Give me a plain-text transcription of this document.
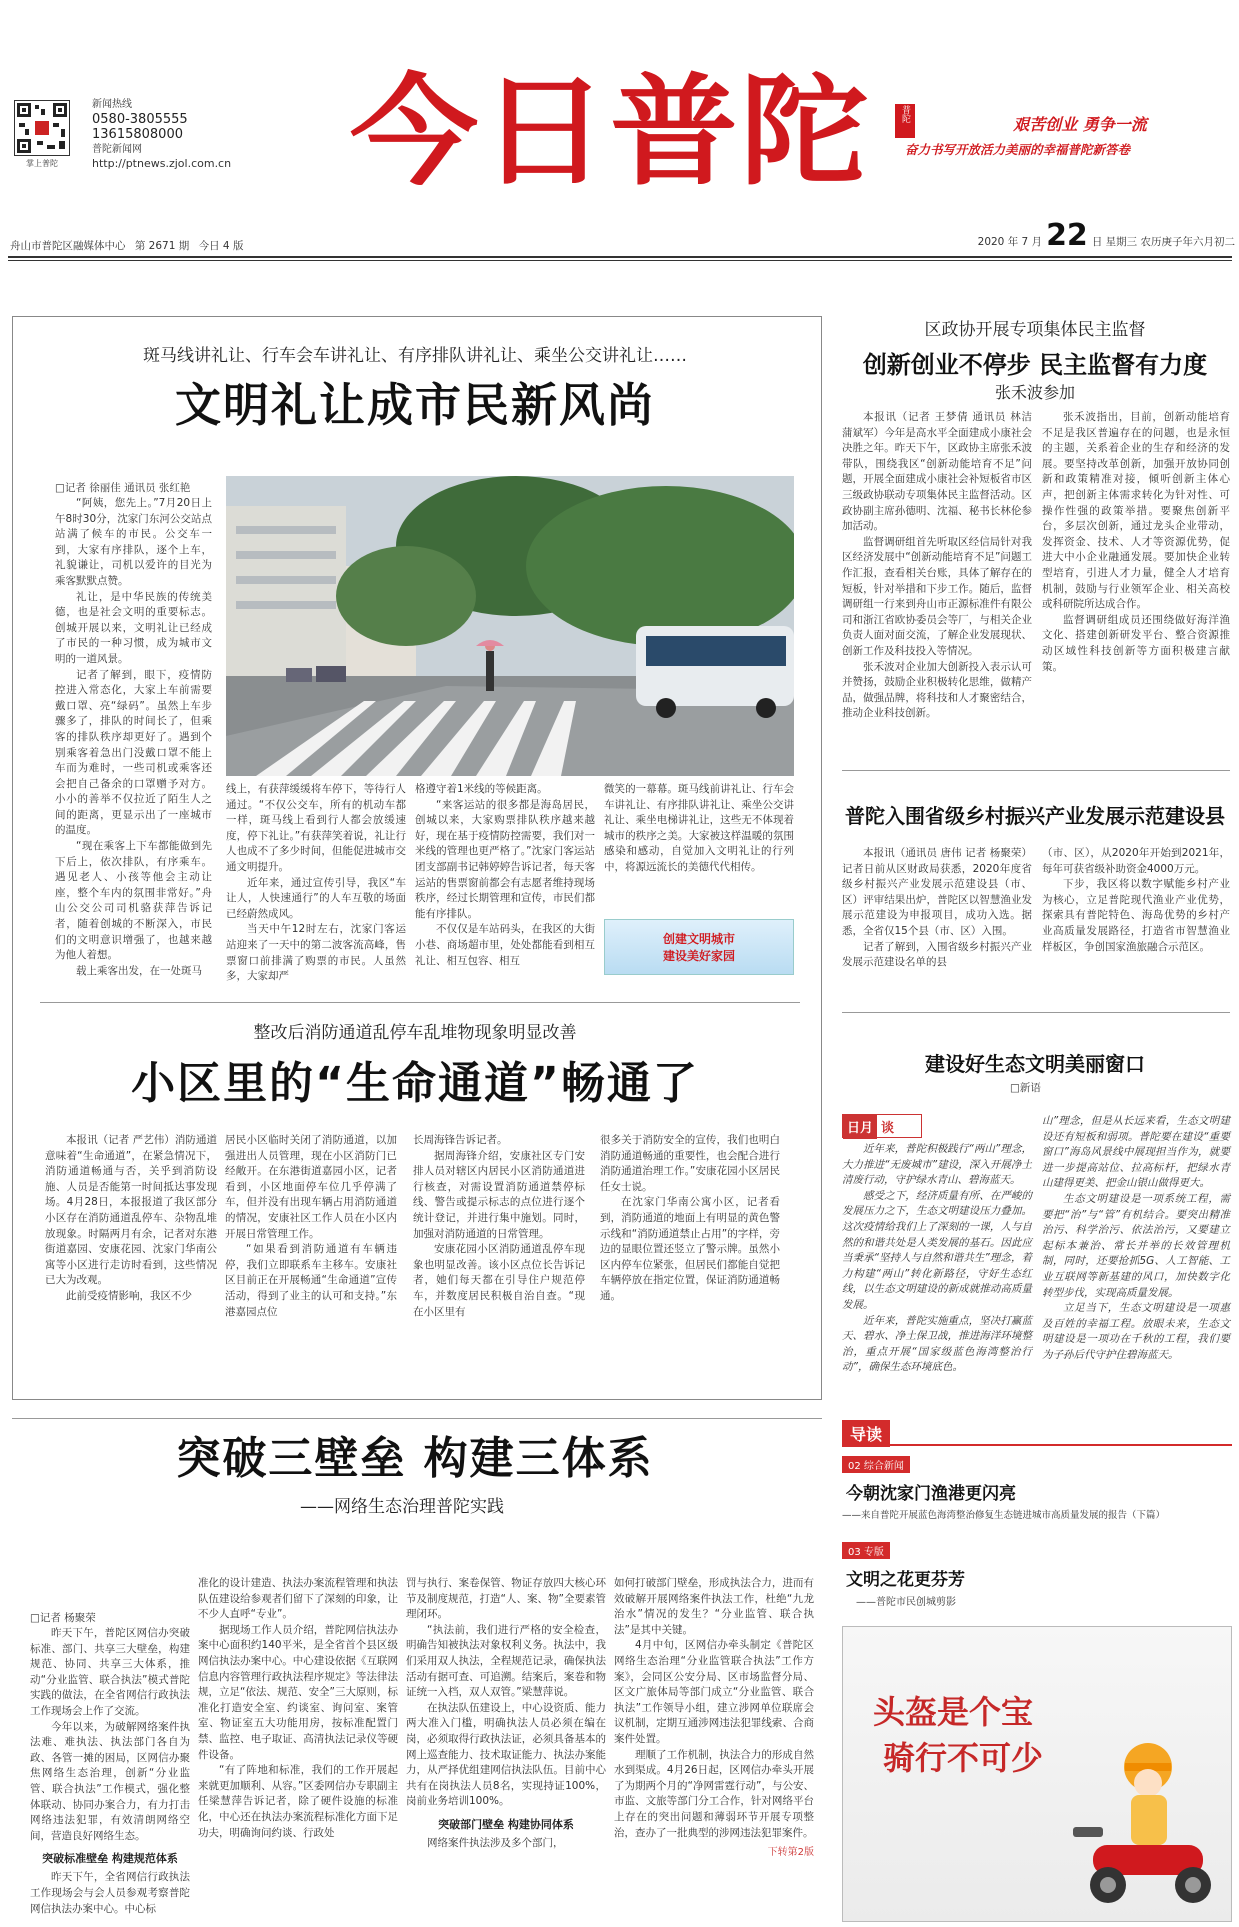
掌上普陀
新闻热线
0580-3805555
13615808000
普陀新闻网
http://ptnews.zjol.com.cn 今日普陀	普陀
艰苦创业 勇争一流
奋力书写开放活力美丽的幸福普陀新答卷
舟山市普陀区融媒体中心 第 2671 期 今日 4 版	2020 年 7 月 22 日 星期三 农历庚子年六月初二
斑马线讲礼让、行车会车讲礼让、有序排队讲礼让、乘坐公交讲礼让……
文明礼让成市民新风尚
□记者 徐丽佳 通讯员 张红艳

“阿姨，您先上。”7月20日上午8时30分，沈家门东河公交站点站满了候车的市民。公交车一到，大家有序排队，逐个上车，礼貌谦让，司机以爱许的目光为乘客默默点赞。

礼让，是中华民族的传统美德，也是社会文明的重要标志。创城开展以来，文明礼让已经成了市民的一种习惯，成为城市文明的一道风景。

记者了解到，眼下，疫情防控进入常态化，大家上车前需要戴口罩、亮“绿码”。虽然上车步骤多了，排队的时间长了，但乘客的排队秩序却更好了。遇到个别乘客着急出门没戴口罩不能上车而为难时，一些司机或乘客还会把自己备余的口罩赠予对方。小小的善举不仅拉近了陌生人之间的距离，更显示出了一座城市的温度。

“现在乘客上下车都能做到先下后上，依次排队，有序乘车。遇见老人、小孩等他会主动让座，整个车内的氛围非常好。”舟山公交公司司机骆获萍告诉记者，随着创城的不断深入，市民们的文明意识增强了，也越来越为他人着想。

载上乘客出发，在一处斑马

线上，有获萍缓缓将车停下，等待行人通过。“不仅公交车，所有的机动车都一样，斑马线上看到行人都会放缓速度，停下礼让。”有获萍笑着说，礼让行人也成不了多少时间，但能促进城市交通文明提升。

近年来，通过宣传引导，我区“车让人，人快速通行”的人车互敬的场面已经蔚然成风。

当天中午12时左右，沈家门客运站迎来了一天中的第二波客流高峰，售票窗口前排满了购票的市民。人虽然多，大家却严

格遵守着1米线的等候距离。

“来客运站的很多都是海岛居民，创城以来，大家购票排队秩序越来越好，现在基于疫情防控需要，我们对一米线的管理也更严格了。”沈家门客运站团支部副书记韩婷婷告诉记者，每天客运站的售票窗前都会有志愿者维持现场秩序，经过长期管理和宣传，市民们都能有序排队。

不仅仅是车站码头，在我区的大街小巷、商场超市里，处处都能看到相互礼让、相互包容、相互

微笑的一幕幕。斑马线前讲礼让、行车会车讲礼让、有序排队讲礼让、乘坐公交讲礼让、乘坐电梯讲礼让，这些无不体现着城市的秩序之美。大家被这样温暖的氛围感染和感动，自觉加入文明礼让的行列中，将源远流长的美德代代相传。

创建文明城市
建设美好家园
整改后消防通道乱停车乱堆物现象明显改善
小区里的“生命通道”畅通了

本报讯（记者 严艺伟）消防通道意味着“生命通道”，在紧急情况下，消防通道畅通与否，关乎到消防设施、人员是否能第一时间抵达事发现场。4月28日，本报报道了我区部分小区存在消防通道乱停车、杂物乱堆放现象。时隔两月有余，记者对东港街道嘉园、安康花园、沈家门华南公寓等小区进行走访时看到，这些情况已大为改观。

此前受疫情影响，我区不少

居民小区临时关闭了消防通道，以加强进出人员管理，现在小区消防门已经敞开。在东港街道嘉园小区，记者看到，小区地面停车位几乎停满了车，但并没有出现车辆占用消防通道的情况，安康社区工作人员在小区内开展日常管理工作。

“如果看到消防通道有车辆违停，我们立即联系车主移车。安康社区目前正在开展畅通“生命通道”宣传活动，得到了业主的认可和支持。”东港嘉园点位

长周海锋告诉记者。

据周海锋介绍，安康社区专门安排人员对辖区内居民小区消防通道进行核查，对需设置消防通道禁停标线、警告或提示标志的点位进行逐个统计登记，并进行集中施划。同时，加强对消防通道的日常管理。

安康花园小区消防通道乱停车现象也明显改善。该小区点位长告诉记者，她们每天都在引导住户规范停车，并数度居民积极自治自查。“现在小区里有

很多关于消防安全的宣传，我们也明白消防通道畅通的重要性，也会配合进行消防通道治理工作。”安康花园小区居民任女士说。

在沈家门华南公寓小区，记者看到，消防通道的地面上有明显的黄色警示线和“消防通道禁止占用”的字样，旁边的显眼位置还竖立了警示牌。虽然小区内停车位紧张，但居民们都能自觉把车辆停放在指定位置，保证消防通道畅通。

区政协开展专项集体民主监督
创新创业不停步 民主监督有力度
张禾波参加

本报讯（记者 王梦倩 通讯员 林洁 蒲斌军）今年是高水平全面建成小康社会决胜之年。昨天下午，区政协主席张禾波带队，围绕我区“创新动能培育不足”问题，开展全面建成小康社会补短板省市区三级政协联动专项集体民主监督活动。区政协副主席孙德明、沈福、秘书长林伦参加活动。

监督调研组首先听取区经信局针对我区经济发展中“创新动能培育不足”问题工作汇报，查看相关台账，具体了解存在的短板，针对举措和下步工作。随后，监督调研组一行来到舟山市正源标准件有限公司和浙江省欧协委员会等厂，与相关企业负责人面对面交流，了解企业发展现状、创新工作及科技投入等情况。

张禾波对企业加大创新投入表示认可并赞扬，鼓励企业积极转化思维，做精产品，做强品牌，将科技和人才聚密结合，推动企业科技创新。

张禾波指出，目前，创新动能培育不足是我区普遍存在的问题，也是永恒的主题，关系着企业的生存和经济的发展。要坚持改革创新，加强开放协同创新和政策精准对接，倾听创新主体心声，把创新主体需求转化为针对性、可操作性强的政策举措。要聚焦创新平台，多层次创新，通过龙头企业带动，发挥资金、技术、人才等资源优势，促进大中小企业融通发展。要加快企业转型培育，引进人才力量，健全人才培育机制，鼓励与行业领军企业、相关高校或科研院所达成合作。

监督调研组成员还围绕做好海洋渔文化、搭建创新研发平台、整合资源推动区域性科技创新等方面积极建言献策。

普陀入围省级乡村振兴产业发展示范建设县

本报讯（通讯员 唐伟 记者 杨聚荣）记者日前从区财政局获悉，2020年度省级乡村振兴产业发展示范建设县（市、区）评审结果出炉，普陀区以智慧渔业发展示范建设为申报项目，成功入选。据悉，全省仅15个县（市、区）入围。

记者了解到，入围省级乡村振兴产业发展示范建设名单的县

（市、区），从2020年开始到2021年，每年可获省级补助资金4000万元。

下步，我区将以数字赋能乡村产业为核心，立足普陀现代渔业产业优势，探索具有普陀特色、海岛优势的乡村产业高质量发展路径，打造省市智慧渔业样板区，争创国家渔旅融合示范区。

建设好生态文明美丽窗口
□新语
日月 谈

近年来，普陀积极践行“两山”理念，大力推进“无废城市”建设，深入开展净土清废行动，守护绿水青山、碧海蓝天。

感受之下，经济质量有所、在严峻的发展压力之下，生态文明建设压力叠加。这次疫情给我们上了深刻的一课，人与自然的和谐共处是人类发展的基石。因此应当秉承“坚持人与自然和谐共生”理念，着力构建“两山”转化新路径，守好生态红线，以生态文明建设的新成就推动高质量发展。

近年来，普陀实施重点，坚决打赢蓝天、碧水、净土保卫战，推进海洋环境整治，重点开展“国家级蓝色海湾整治行动”，确保生态环境底色。

山”理念，但是从长远来看，生态文明建设还有短板和弱项。普陀要在建设“重要窗口”海岛风景线中展现担当作为，就要进一步提高站位、拉高标杆，把绿水青山建得更美、把金山银山做得更大。

生态文明建设是一项系统工程，需要把“治”与“管”有机结合。要突出精准治污、科学治污、依法治污，又要建立起标本兼治、常长并举的长效管理机制，同时，还要抢抓5G、人工智能、工业互联网等新基建的风口，加快数字化转型步伐，实现高质量发展。

立足当下，生态文明建设是一项惠及百姓的幸福工程。放眼未来，生态文明建设是一项功在千秋的工程，我们要为子孙后代守护住碧海蓝天。

突破三壁垒 构建三体系
——网络生态治理普陀实践
□记者 杨聚荣

昨天下午，普陀区网信办突破标准、部门、共享三大壁垒，构建规范、协同、共享三大体系，推动“分业监管、联合执法”模式普陀实践的做法，在全省网信行政执法工作现场会上作了交流。

今年以来，为破解网络案件执法难、难执法、执法部门各自为政、各管一摊的困局，区网信办聚焦网络生态治理，创新“分业监管、联合执法”工作模式，强化整体联动、协同办案合力，有力打击网络违法犯罪，有效清朗网络空间，营造良好网络生态。

突破标准壁垒 构建规范体系

昨天下午，全省网信行政执法工作现场会与会人员参观考察普陀网信执法办案中心。中心标

准化的设计建造、执法办案流程管理和执法队伍建设给参观者们留下了深刻的印象，让不少人直呼“专业”。

据现场工作人员介绍，普陀网信执法办案中心面积约140平米，是全省首个县区级网信执法办案中心。中心建设依据《互联网信息内容管理行政执法程序规定》等法律法规，立足“依法、规范、安全”三大原则，标准化打造安全室、约谈室、询问室、案管室、物证室五大功能用房，按标准配置门禁、监控、电子取证、高清执法记录仪等硬件设备。

“有了阵地和标准，我们的工作开展起来就更加顺利、从容。”区委网信办专职副主任梁慧萍告诉记者，除了硬件设施的标准化，中心还在执法办案流程标准化方面下足功夫，明确询问约谈、行政处

罚与执行、案卷保管、物证存放四大核心环节及制度规范，打造“人、案、物”全要素管理闭环。

“执法前，我们进行严格的安全检查，明确告知被执法对象权利义务。执法中，我们采用双人执法，全程规范记录，确保执法活动有据可查、可追溯。结案后，案卷和物证统一入档，双人双管。”梁慧萍说。

在执法队伍建设上，中心设资质、能力两大准入门槛，明确执法人员必须在编在岗，必须取得行政执法证，必须具备基本的网上巡查能力、技术取证能力、执法办案能力，从严择优组建网信执法队伍。目前中心共有在岗执法人员8名，实现持证100%，岗前业务培训100%。

突破部门壁垒 构建协同体系

网络案件执法涉及多个部门，

如何打破部门壁垒，形成执法合力，进而有效破解开展网络案件执法工作，杜绝“九龙治水”情况的发生？“分业监管、联合执法”是其中关键。

4月中旬，区网信办牵头制定《普陀区网络生态治理“分业监管联合执法”工作方案》，会同区公安分局、区市场监督分局、区文广旅体局等部门成立“分业监管、联合执法”工作领导小组，建立涉网单位联席会议机制，定期互通涉网违法犯罪线索、合商案件处置。

理顺了工作机制，执法合力的形成自然水到渠成。4月26日起，区网信办牵头开展了为期两个月的“净网雷霆行动”，与公安、市监、文旅等部门分工合作，针对网络平台上存在的突出问题和薄弱环节开展专项整治，查办了一批典型的涉网违法犯罪案件。

下转第2版
导读
02 综合新闻
今朝沈家门渔港更闪亮
——来自普陀开展蓝色海湾整治修复生态链进城市高质量发展的报告（下篇）
03 专版
文明之花更芬芳
——普陀市民创城剪影
头盔是个宝
骑行不可少
